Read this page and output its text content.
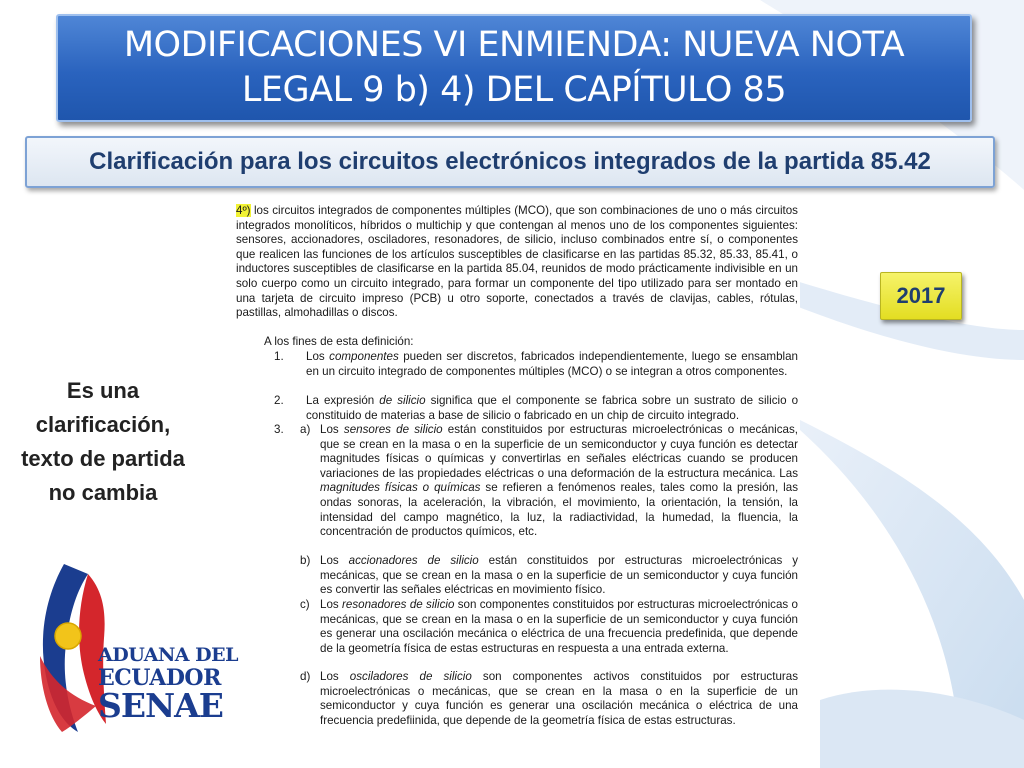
MODIFICACIONES VI ENMIENDA: NUEVA NOTA
LEGAL 9 b) 4) DEL CAPÍTULO 85
Clarificación para los circuitos electrónicos integrados de la partida 85.42

4º) los circuitos integrados de componentes múltiples (MCO), que son combinaciones de uno o más circuitos integrados monolíticos, híbridos o multichip y que contengan al menos uno de los componentes siguientes: sensores, accionadores, osciladores, resonadores, de silicio, incluso combinados entre sí, o componentes que realicen las funciones de los artículos susceptibles de clasificarse en las partidas 85.32, 85.33, 85.41, o inductores susceptibles de clasificarse en la partida 85.04, reunidos de modo prácticamente indivisible en un solo cuerpo como un circuito integrado, para formar un componente del tipo utilizado para ser montado en una tarjeta de circuito impreso (PCB) u otro soporte, conectados a través de clavijas, cables, rótulas, pastillas, almohadillas o discos.

A los fines de esta definición:

1. Los componentes pueden ser discretos, fabricados independientemente, luego se ensamblan en un circuito integrado de componentes múltiples (MCO) o se integran a otros componentes.

2. La expresión de silicio significa que el componente se fabrica sobre un sustrato de silicio o constituido de materias a base de silicio o fabricado en un chip de circuito integrado.

3. a) Los sensores de silicio están constituidos por estructuras microelectrónicas o mecánicas, que se crean en la masa o en la superficie de un semiconductor y cuya función es detectar magnitudes físicas o químicas y convertirlas en señales eléctricas cuando se producen variaciones de las propiedades eléctricas o una deformación de la estructura mecánica. Las magnitudes físicas o químicas se refieren a fenómenos reales, tales como la presión, las ondas sonoras, la aceleración, la vibración, el movimiento, la orientación, la tensión, la intensidad del campo magnético, la luz, la radiactividad, la humedad, la fluencia, la concentración de productos químicos, etc.

b) Los accionadores de silicio están constituidos por estructuras microelectrónicas y mecánicas, que se crean en la masa o en la superficie de un semiconductor y cuya función es convertir las señales eléctricas en movimiento físico.

c) Los resonadores de silicio son componentes constituidos por estructuras microelectrónicas o mecánicas, que se crean en la masa o en la superficie de un semiconductor y cuya función es generar una oscilación mecánica o eléctrica de una frecuencia predefinida, que depende de la geometría física de estas estructuras en respuesta a una entrada externa.

d) Los osciladores de silicio son componentes activos constituidos por estructuras microelectrónicas o mecánicas, que se crean en la masa o en la superficie de un semiconductor y cuya función es generar una oscilación mecánica o eléctrica de una frecuencia predefiinida, que depende de la geometría física de estas estructuras.

2017
Es una clarificación, texto de partida no cambia
ADUANA DEL
ECUADOR
SENAE
